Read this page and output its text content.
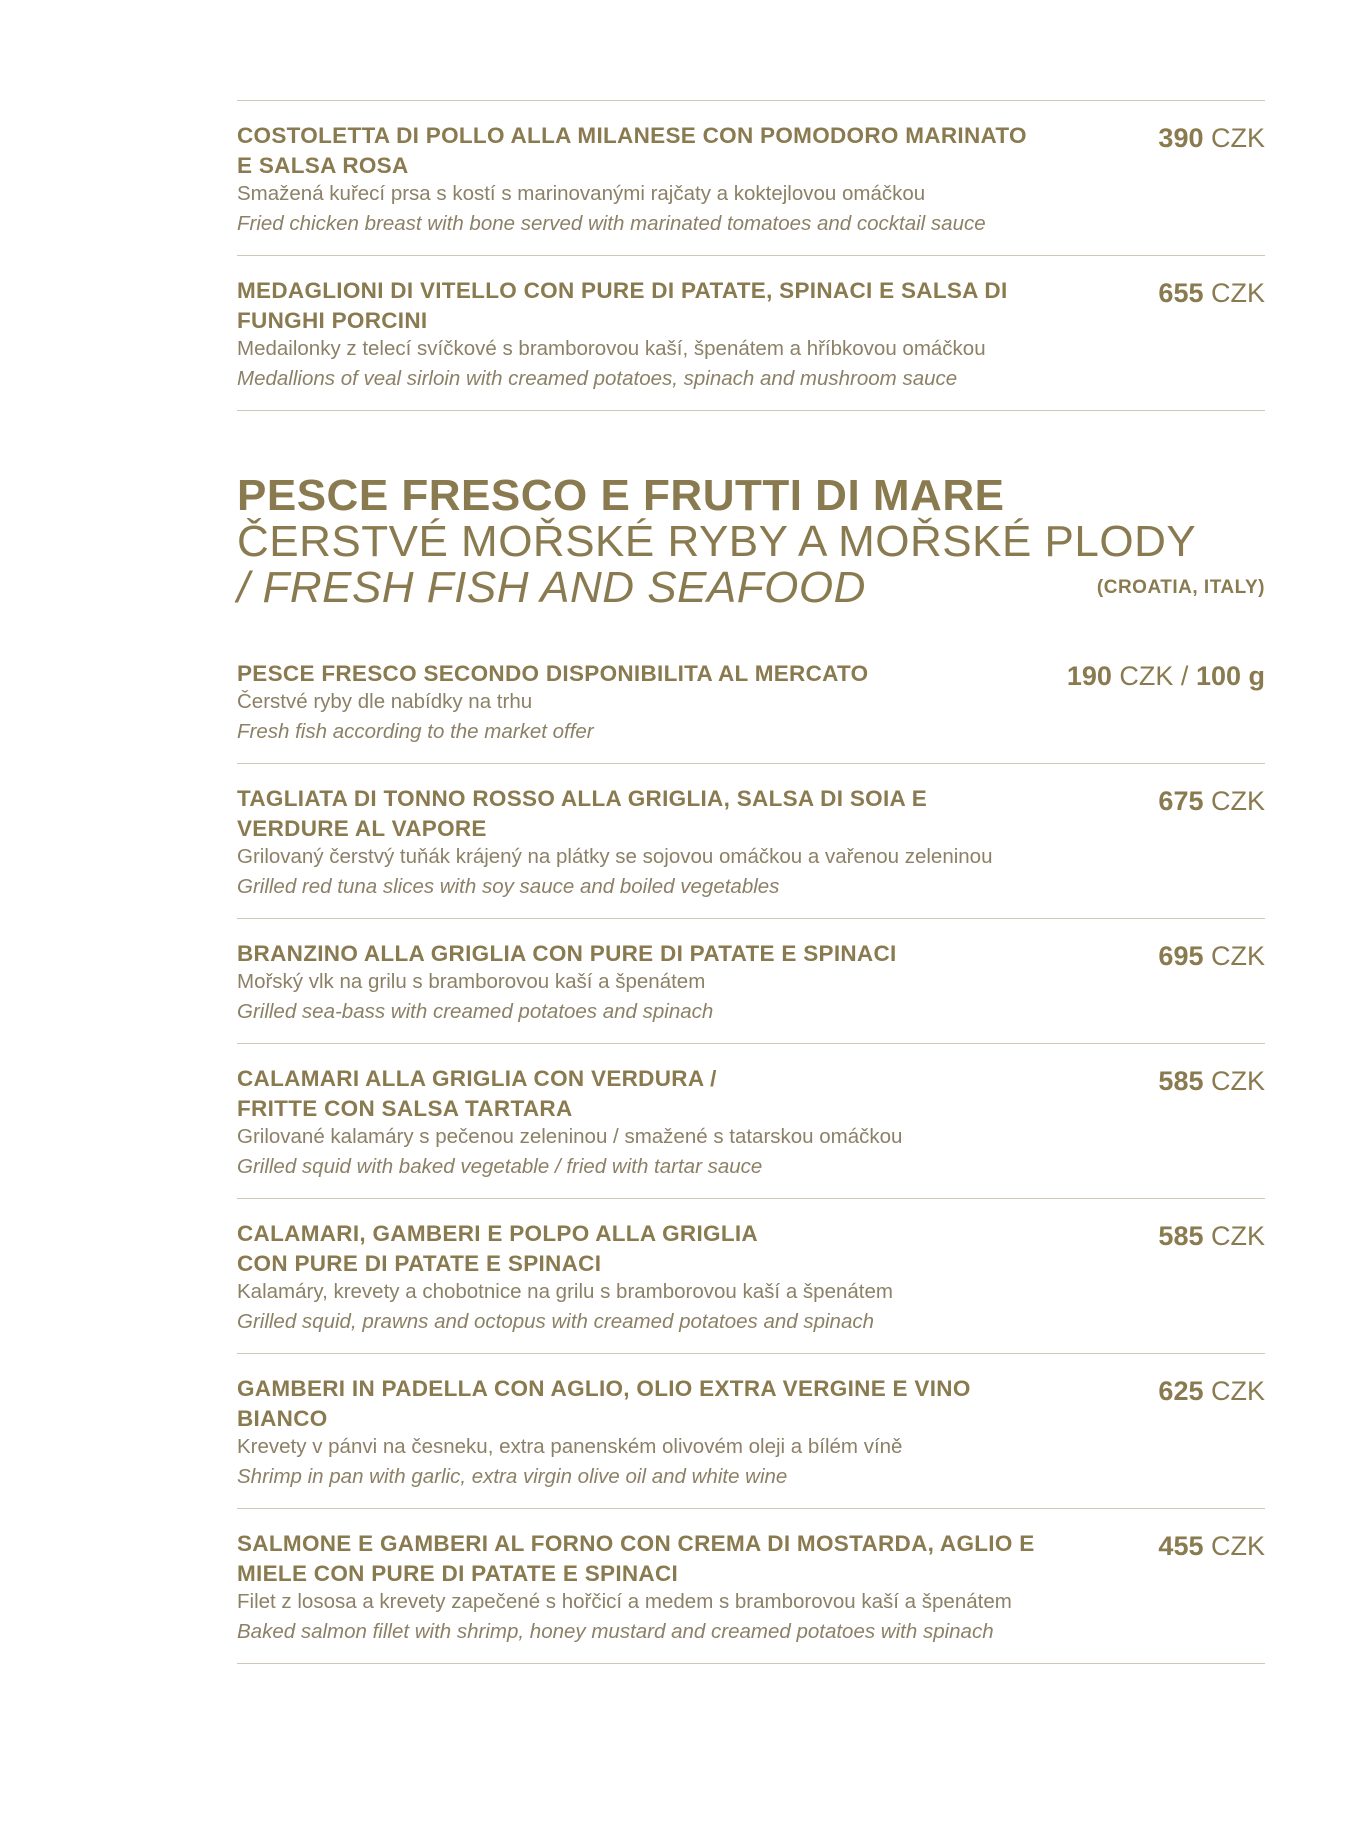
COSTOLETTA DI POLLO ALLA MILANESE CON POMODORO MARINATO E SALSA ROSA
Smažená kuřecí prsa s kostí s marinovanými rajčaty a koktejlovou omáčkou
Fried chicken breast with bone served with marinated tomatoes and cocktail sauce
390 CZK
MEDAGLIONI DI VITELLO CON PURE DI PATATE, SPINACI E SALSA DI FUNGHI PORCINI
Medailonky z telecí svíčkové s bramborovou kaší, špenátem a hříbkovou omáčkou
Medallions of veal sirloin with creamed potatoes, spinach and mushroom sauce
655 CZK
PESCE FRESCO E FRUTTI DI MARE
ČERSTVÉ MOŘSKÉ RYBY A MOŘSKÉ PLODY
/ FRESH FISH AND SEAFOOD	(CROATIA, ITALY)
PESCE FRESCO SECONDO DISPONIBILITA AL MERCATO
Čerstvé ryby dle nabídky na trhu
Fresh fish according to the market offer
190 CZK / 100 g
TAGLIATA DI TONNO ROSSO ALLA GRIGLIA, SALSA DI SOIA E VERDURE AL VAPORE
Grilovaný čerstvý tuňák krájený na plátky se sojovou omáčkou a vařenou zeleninou
Grilled red tuna slices with soy sauce and boiled vegetables
675 CZK
BRANZINO ALLA GRIGLIA CON PURE DI PATATE E SPINACI
Mořský vlk na grilu s bramborovou kaší a špenátem
Grilled sea-bass with creamed potatoes and spinach
695 CZK
CALAMARI ALLA GRIGLIA CON VERDURA / FRITTE CON SALSA TARTARA
Grilované kalamáry s pečenou zeleninou / smažené s tatarskou omáčkou
Grilled squid with baked vegetable / fried with tartar sauce
585 CZK
CALAMARI, GAMBERI E POLPO ALLA GRIGLIA CON PURE DI PATATE E SPINACI
Kalamáry, krevety a chobotnice na grilu s bramborovou kaší a špenátem
Grilled squid, prawns and octopus with creamed potatoes and spinach
585 CZK
GAMBERI IN PADELLA CON AGLIO, OLIO EXTRA VERGINE E VINO BIANCO
Krevety v pánvi na česneku, extra panenském olivovém oleji a bílém víně
Shrimp in pan with garlic, extra virgin olive oil and white wine
625 CZK
SALMONE E GAMBERI AL FORNO CON CREMA DI MOSTARDA, AGLIO E MIELE CON PURE DI PATATE E SPINACI
Filet z lososa a krevety zapečené s hořčicí a medem s bramborovou kaší a špenátem
Baked salmon fillet with shrimp, honey mustard and creamed potatoes with spinach
455 CZK
